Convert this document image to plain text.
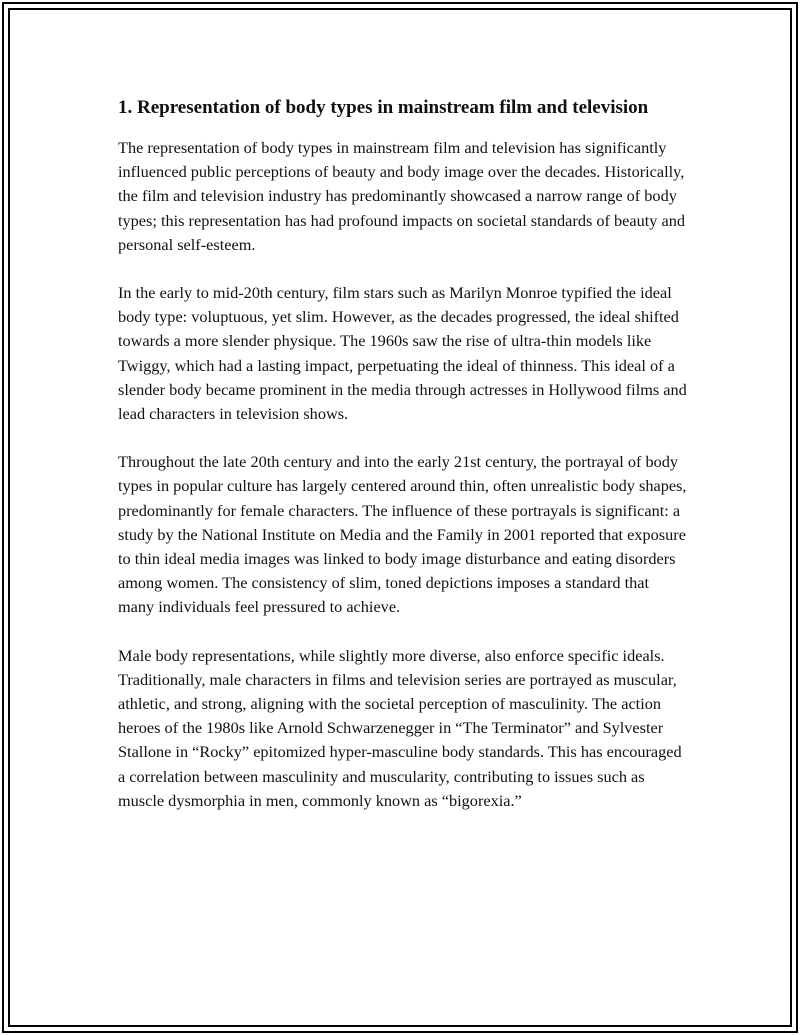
1. Representation of body types in mainstream film and television

The representation of body types in mainstream film and television has significantly influenced public perceptions of beauty and body image over the decades. Historically, the film and television industry has predominantly showcased a narrow range of body types; this representation has had profound impacts on societal standards of beauty and personal self-esteem.

In the early to mid-20th century, film stars such as Marilyn Monroe typified the ideal body type: voluptuous, yet slim. However, as the decades progressed, the ideal shifted towards a more slender physique. The 1960s saw the rise of ultra-thin models like Twiggy, which had a lasting impact, perpetuating the ideal of thinness. This ideal of a slender body became prominent in the media through actresses in Hollywood films and lead characters in television shows.

Throughout the late 20th century and into the early 21st century, the portrayal of body types in popular culture has largely centered around thin, often unrealistic body shapes, predominantly for female characters. The influence of these portrayals is significant: a study by the National Institute on Media and the Family in 2001 reported that exposure to thin ideal media images was linked to body image disturbance and eating disorders among women. The consistency of slim, toned depictions imposes a standard that many individuals feel pressured to achieve.

Male body representations, while slightly more diverse, also enforce specific ideals. Traditionally, male characters in films and television series are portrayed as muscular, athletic, and strong, aligning with the societal perception of masculinity. The action heroes of the 1980s like Arnold Schwarzenegger in “The Terminator” and Sylvester Stallone in “Rocky” epitomized hyper-masculine body standards. This has encouraged a correlation between masculinity and muscularity, contributing to issues such as muscle dysmorphia in men, commonly known as “bigorexia.”
